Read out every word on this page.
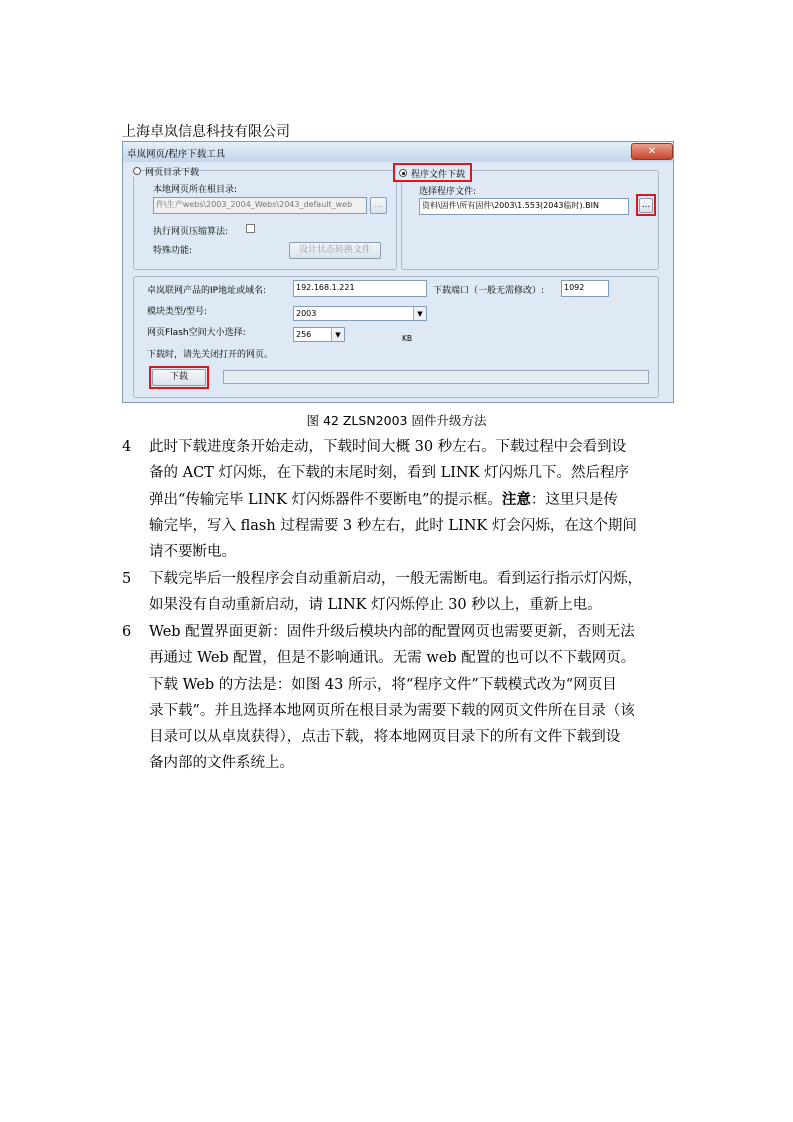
上海卓岚信息科技有限公司
卓岚网页/程序下载工具	✕
网页目录下载
本地网页所在根目录:
件\生产webs\2003_2004_Webs\2043_default_web	...
执行网页压缩算法:
特殊功能:	设计状态转换文件
程序文件下载
选择程序文件:
资料\固件\所有固件\2003\1.553(2043临时).BIN	...
卓岚联网产品的IP地址或域名:	192.168.1.221	下载端口（一般无需修改）:	1092
模块类型/型号:	2003	▼
网页Flash空间大小选择:	256	▼	KB
下载时，请先关闭打开的网页。
下载
图 42 ZLSN2003 固件升级方法
4 此时下载进度条开始走动，下载时间大概 30 秒左右。下载过程中会看到设

备的 ACT 灯闪烁，在下载的末尾时刻，看到 LINK 灯闪烁几下。然后程序

弹出“传输完毕 LINK 灯闪烁器件不要断电”的提示框。注意：这里只是传

输完毕，写入 flash 过程需要 3 秒左右，此时 LINK 灯会闪烁，在这个期间

请不要断电。

5 下载完毕后一般程序会自动重新启动，一般无需断电。看到运行指示灯闪烁，

如果没有自动重新启动，请 LINK 灯闪烁停止 30 秒以上，重新上电。

6 Web 配置界面更新：固件升级后模块内部的配置网页也需要更新，否则无法

再通过 Web 配置，但是不影响通讯。无需 web 配置的也可以不下载网页。

下载 Web 的方法是：如图 43 所示，将“程序文件”下载模式改为“网页目

录下载”。并且选择本地网页所在根目录为需要下载的网页文件所在目录（该

目录可以从卓岚获得），点击下载，将本地网页目录下的所有文件下载到设

备内部的文件系统上。
